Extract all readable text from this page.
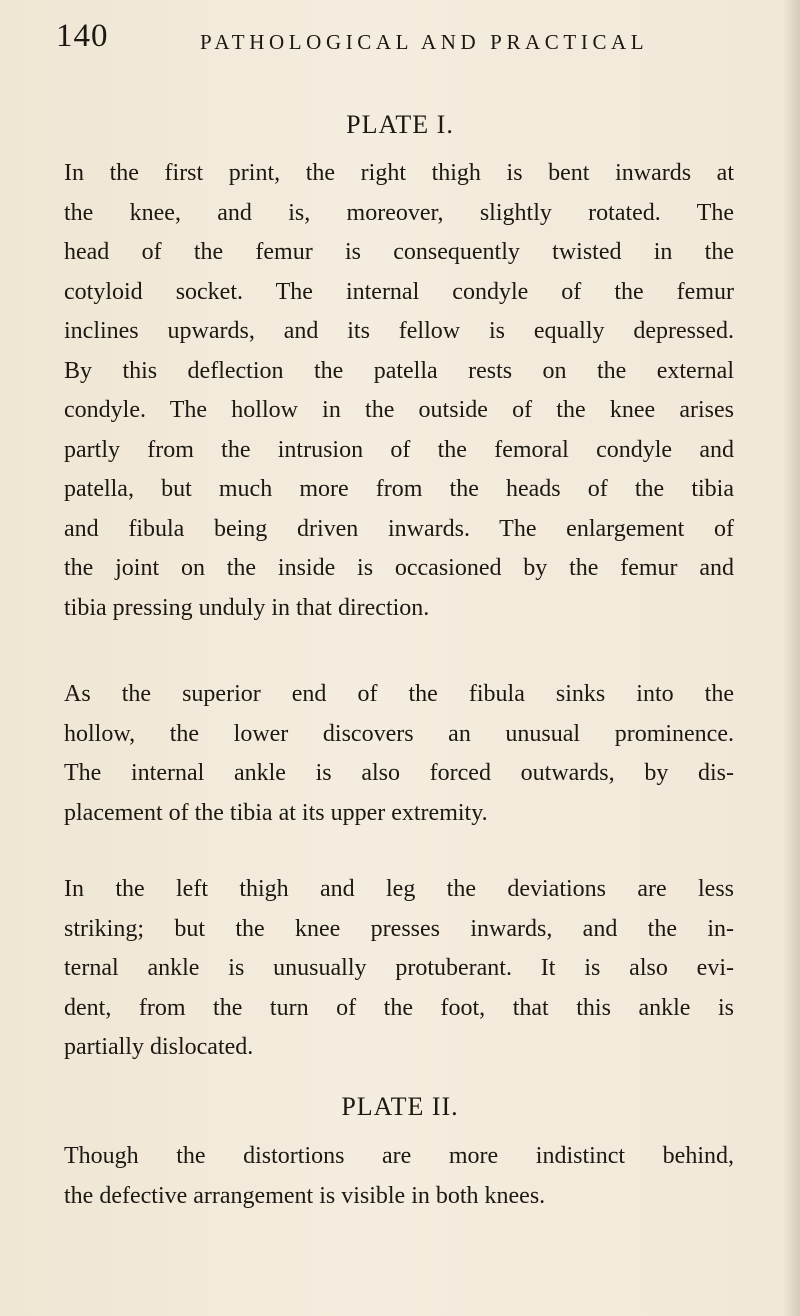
140	PATHOLOGICAL AND PRACTICAL
PLATE I.
In the first print, the right thigh is bent inwards at
the knee, and is, moreover, slightly rotated. The
head of the femur is consequently twisted in the
cotyloid socket. The internal condyle of the femur
inclines upwards, and its fellow is equally depressed.
By this deflection the patella rests on the external
condyle. The hollow in the outside of the knee arises
partly from the intrusion of the femoral condyle and
patella, but much more from the heads of the tibia
and fibula being driven inwards. The enlargement of
the joint on the inside is occasioned by the femur and
tibia pressing unduly in that direction.
As the superior end of the fibula sinks into the
hollow, the lower discovers an unusual prominence.
The internal ankle is also forced outwards, by dis-
placement of the tibia at its upper extremity.
In the left thigh and leg the deviations are less
striking; but the knee presses inwards, and the in-
ternal ankle is unusually protuberant. It is also evi-
dent, from the turn of the foot, that this ankle is
partially dislocated.
PLATE II.
Though the distortions are more indistinct behind,
the defective arrangement is visible in both knees.
